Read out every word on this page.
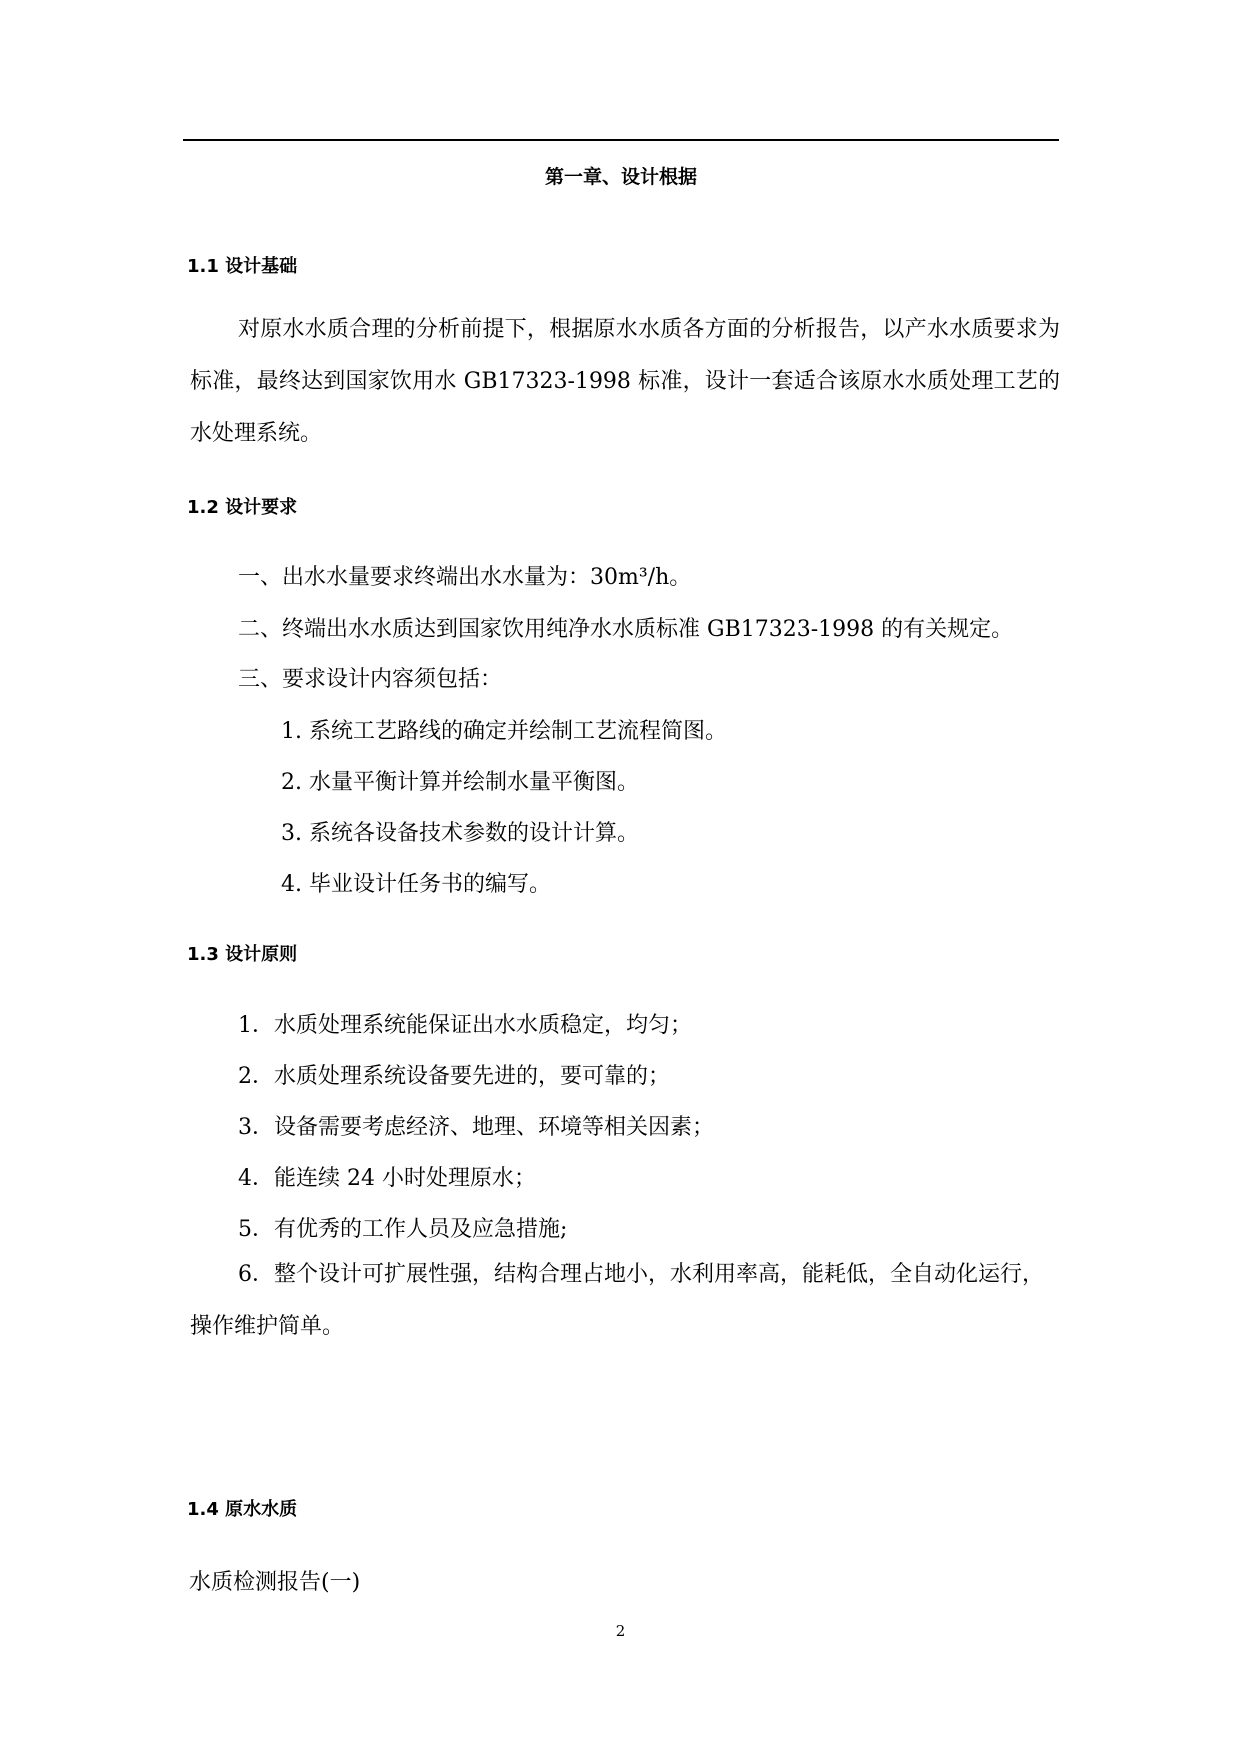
第一章、设计根据
1.1 设计基础
对原水水质合理的分析前提下，根据原水水质各方面的分析报告，以产水水质要求为标准，最终达到国家饮用水 GB17323-1998 标准，设计一套适合该原水水质处理工艺的水处理系统。
1.2 设计要求
一、出水水量要求终端出水水量为：30m³/h。
二、终端出水水质达到国家饮用纯净水水质标准 GB17323-1998 的有关规定。
三、要求设计内容须包括：
1. 系统工艺路线的确定并绘制工艺流程简图。
2. 水量平衡计算并绘制水量平衡图。
3. 系统各设备技术参数的设计计算。
4. 毕业设计任务书的编写。
1.3 设计原则
1．水质处理系统能保证出水水质稳定，均匀；
2．水质处理系统设备要先进的，要可靠的；
3．设备需要考虑经济、地理、环境等相关因素；
4．能连续 24 小时处理原水；
5．有优秀的工作人员及应急措施;
6．整个设计可扩展性强，结构合理占地小，水利用率高，能耗低，全自动化运行，操作维护简单。
1.4 原水水质
水质检测报告(一)
2
